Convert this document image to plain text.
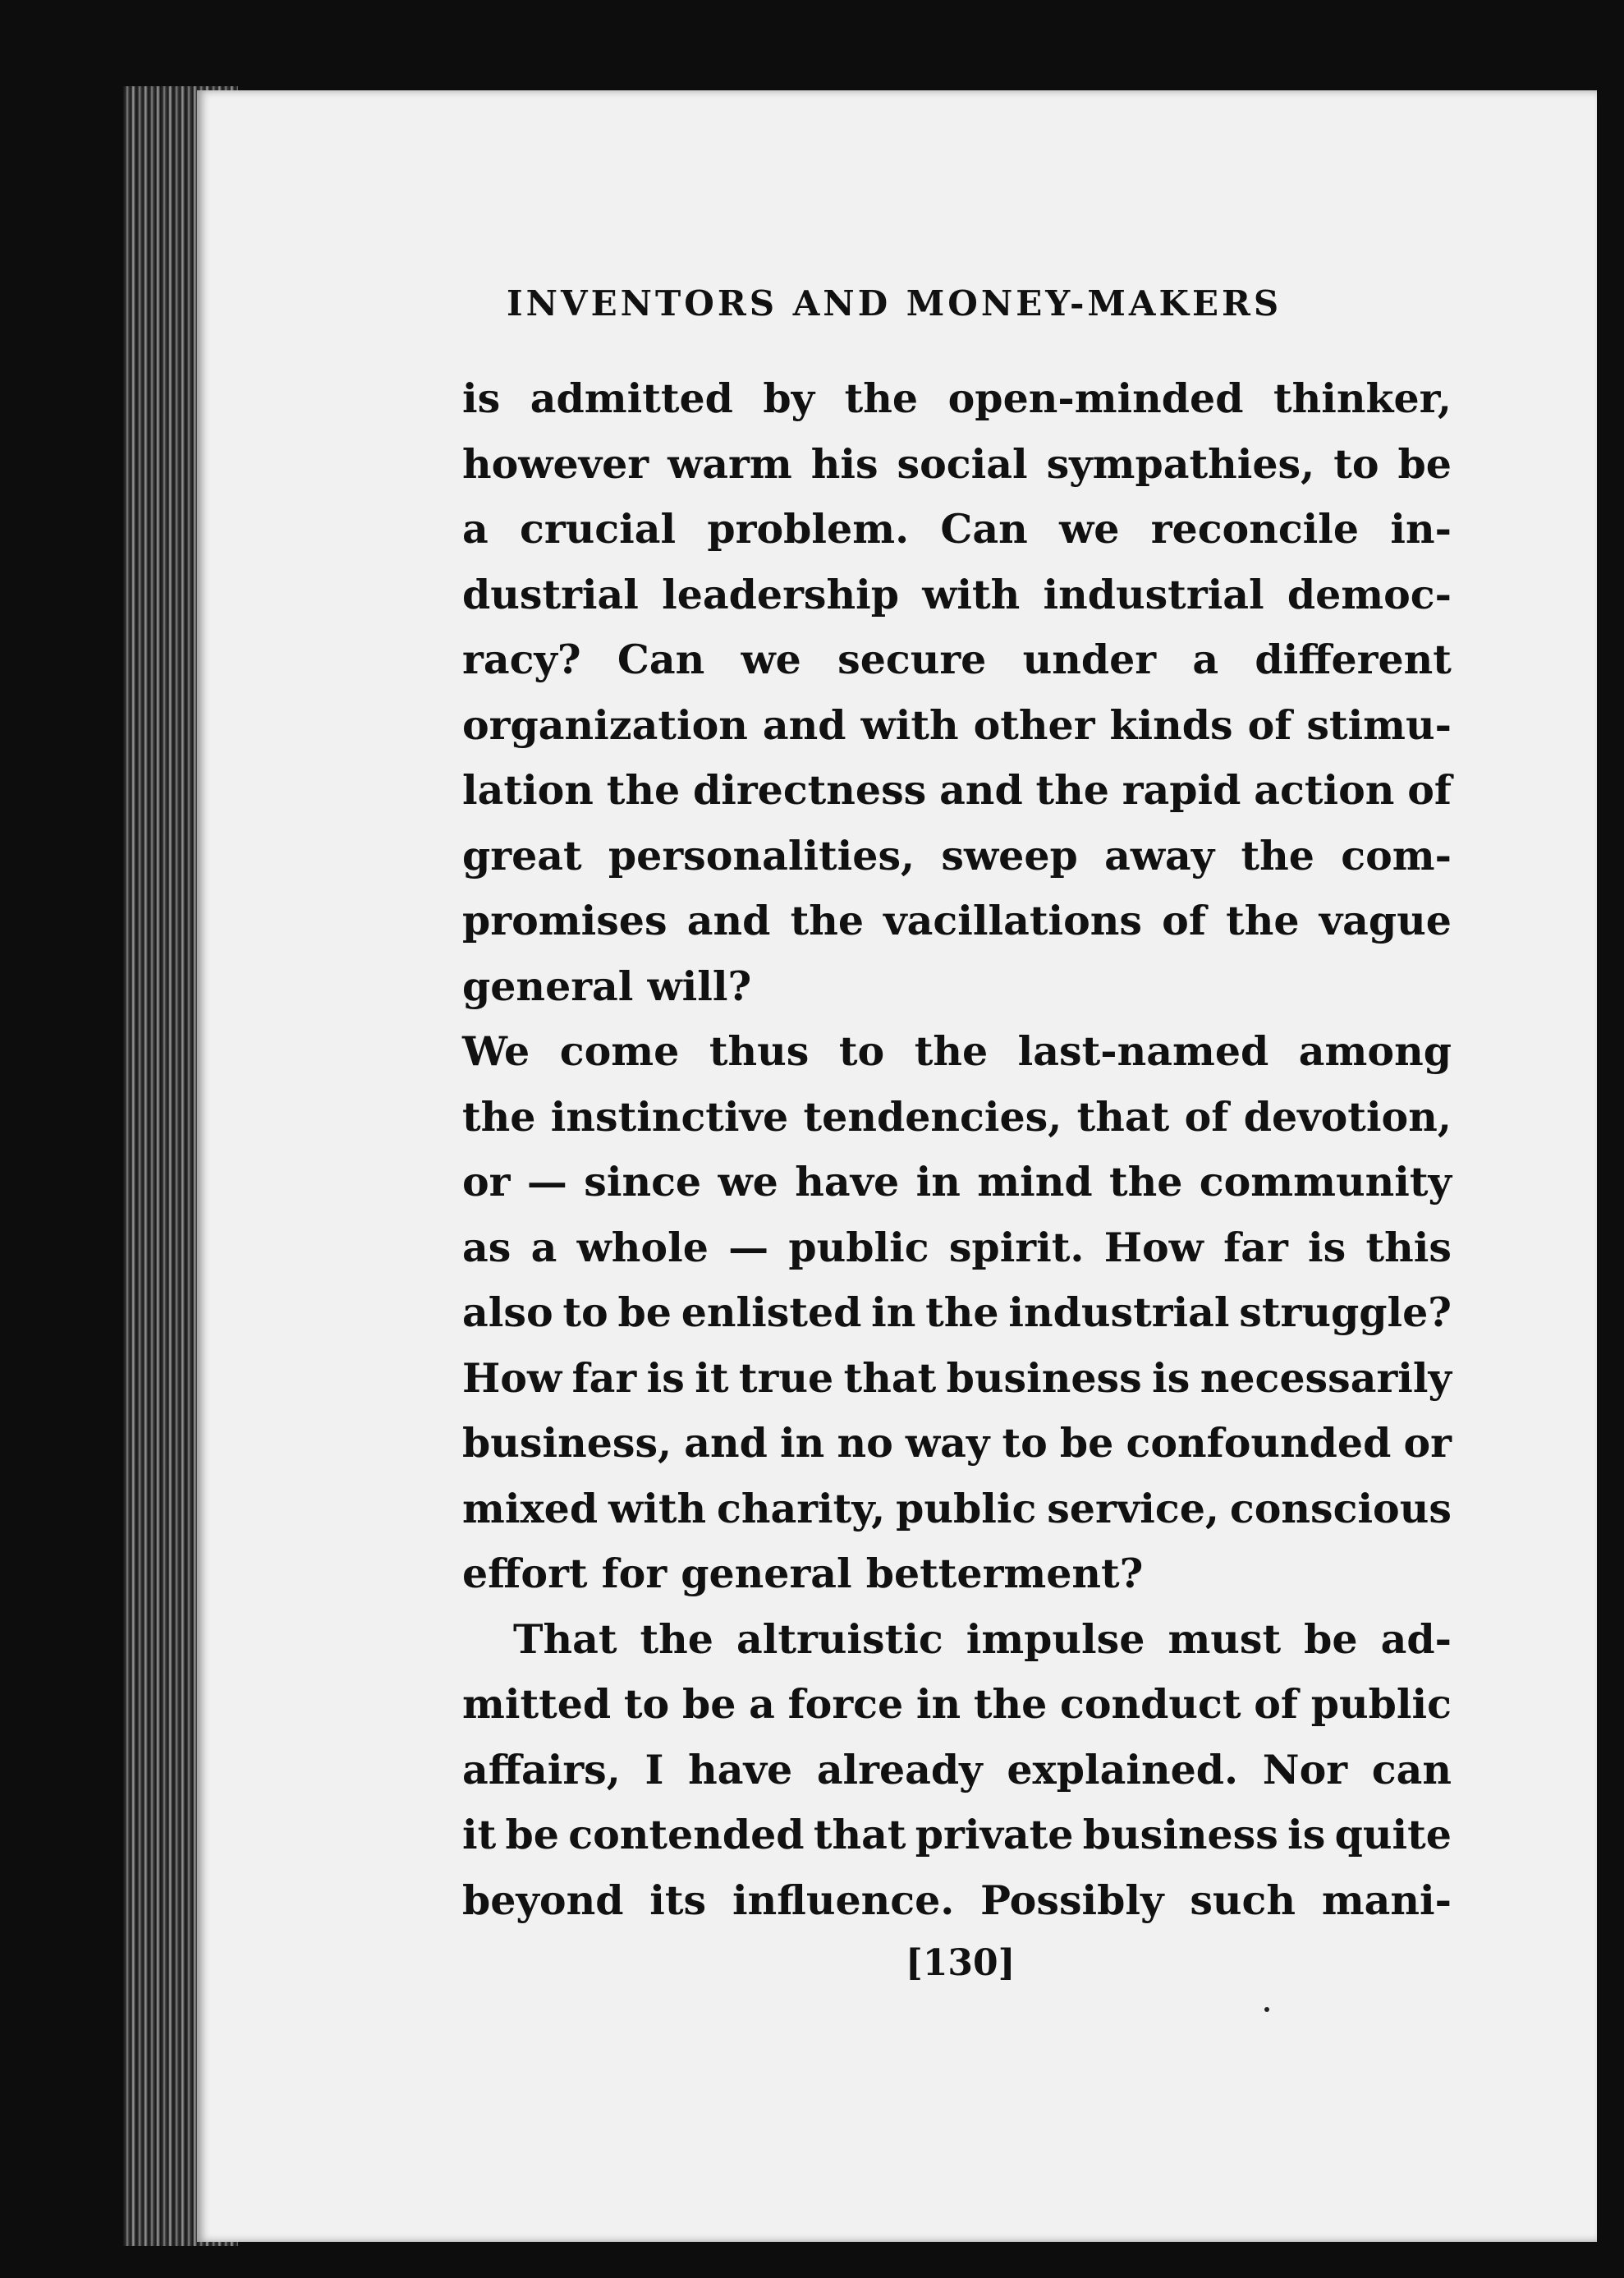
INVENTORS AND MONEY-MAKERS
is admitted by the open-minded thinker,
however warm his social sympathies, to be
a crucial problem. Can we reconcile in-
dustrial leadership with industrial democ-
racy? Can we secure under a different
organization and with other kinds of stimu-
lation the directness and the rapid action of
great personalities, sweep away the com-
promises and the vacillations of the vague
general will?
We come thus to the last-named among
the instinctive tendencies, that of devotion,
or — since we have in mind the community
as a whole — public spirit. How far is this
also to be enlisted in the industrial struggle?
How far is it true that business is necessarily
business, and in no way to be confounded or
mixed with charity, public service, conscious
effort for general betterment?
That the altruistic impulse must be ad-
mitted to be a force in the conduct of public
affairs, I have already explained. Nor can
it be contended that private business is quite
beyond its influence. Possibly such mani-
[130]
